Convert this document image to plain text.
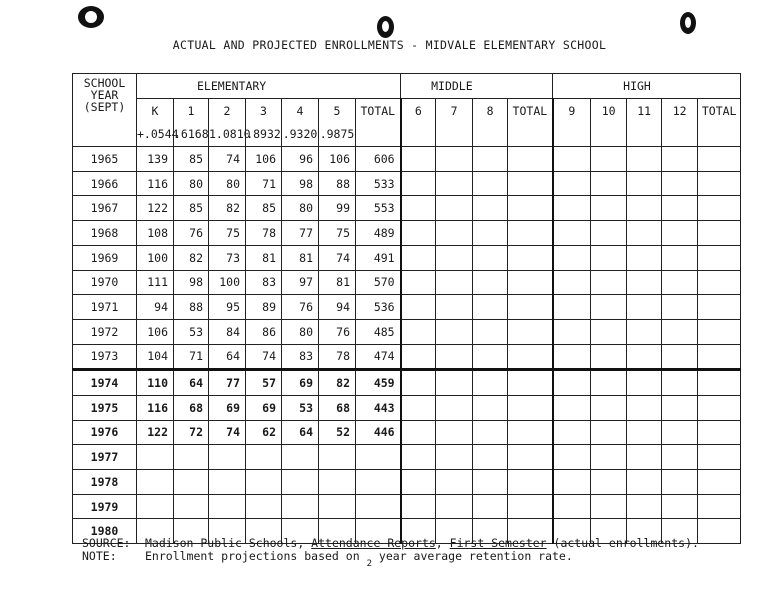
ACTUAL AND PROJECTED ENROLLMENTS - MIDVALE ELEMENTARY SCHOOL
SCHOOL
YEAR
(SEPT)	ELEMENTARY							MIDDLE				HIGH				
	K	1	2	3	4	5	TOTAL	6	7	8	TOTAL	9	10	11	12	TOTAL
	+.0544	.6168	1.0810	.8932	.9320	.9875										
1965	139	85	74	106	96	106	606									
1966	116	80	80	71	98	88	533									
1967	122	85	82	85	80	99	553									
1968	108	76	75	78	77	75	489									
1969	100	82	73	81	81	74	491									
1970	111	98	100	83	97	81	570									
1971	94	88	95	89	76	94	536									
1972	106	53	84	86	80	76	485									
1973	104	71	64	74	83	78	474									
1974	110	64	77	57	69	82	459									
1975	116	68	69	69	53	68	443									
1976	122	72	74	62	64	52	446									
1977																
1978																
1979																
1980																
SOURCE:	Madison Public Schools, Attendance Reports, First Semester (actual enrollments).
NOTE:	Enrollment projections based on $_2$ year average retention rate.
